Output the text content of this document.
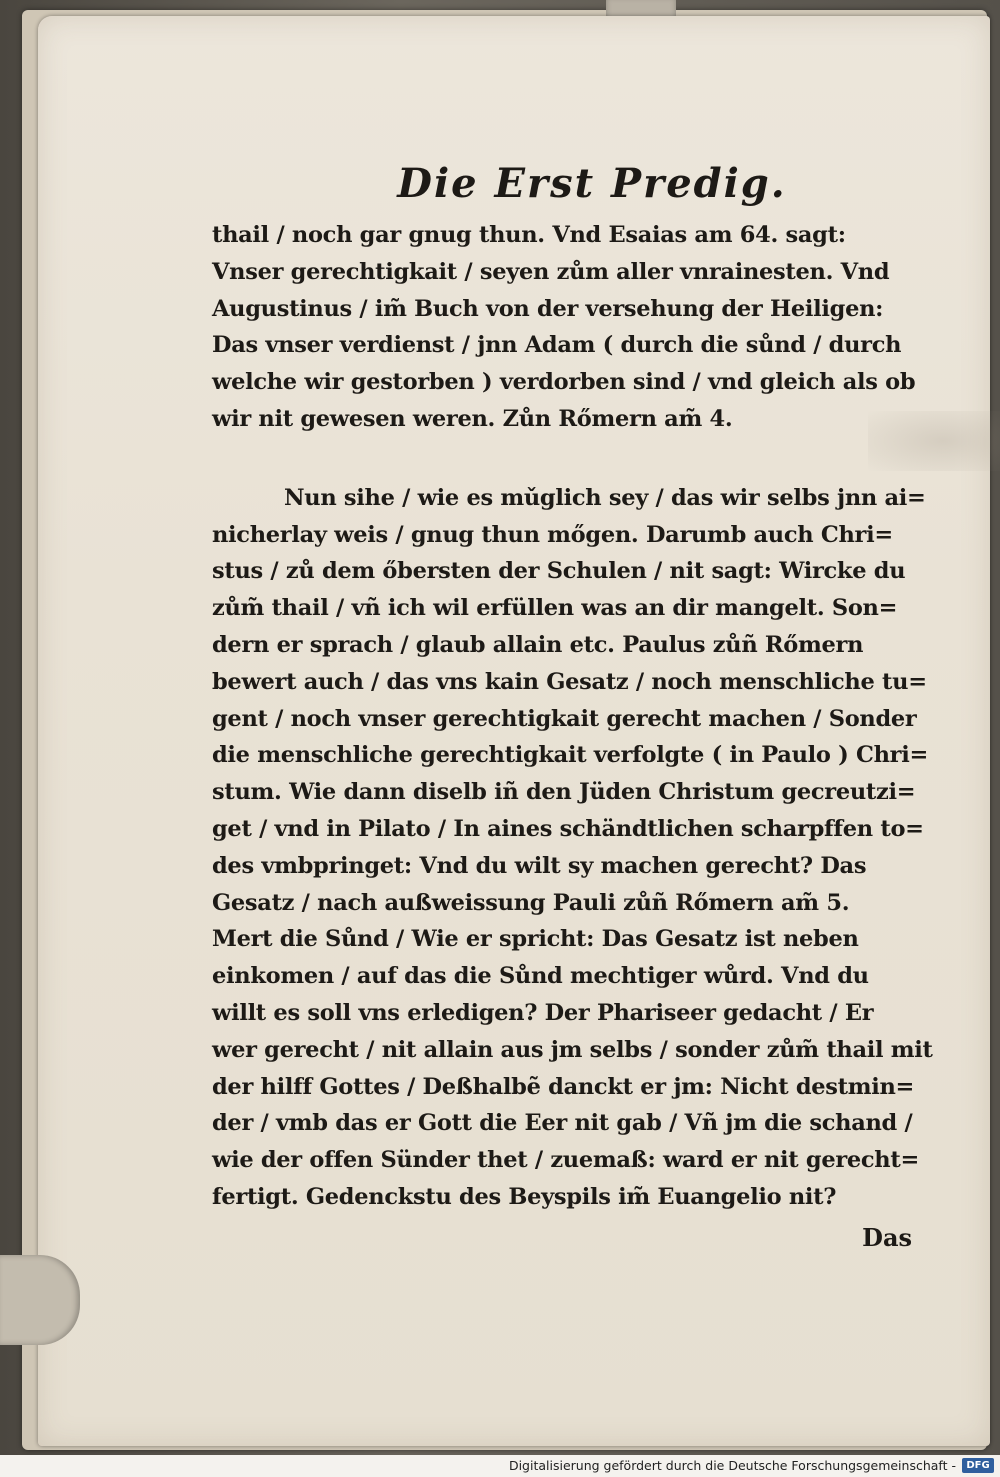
Die Erst Predig.
thail / noch gar gnug thun. Vnd Esaias am 64. sagt:
Vnser gerechtigkait / seyen zům aller vnrainesten. Vnd
Augustinus / im̃ Buch von der versehung der Heiligen:
Das vnser verdienst / jnn Adam ( durch die sůnd / durch
welche wir gestorben ) verdorben sind / vnd gleich als ob
wir nit gewesen weren. Zůn Rőmern am̃ 4.
Nun sihe / wie es mǔglich sey / das wir selbs jnn ai=
nicherlay weis / gnug thun mőgen. Darumb auch Chri=
stus / zů dem őbersten der Schulen / nit sagt: Wircke du
zům̃ thail / vñ ich wil erfüllen was an dir mangelt. Son=
dern er sprach / glaub allain etc. Paulus zůñ Rőmern
bewert auch / das vns kain Gesatz / noch menschliche tu=
gent / noch vnser gerechtigkait gerecht machen / Sonder
die menschliche gerechtigkait verfolgte ( in Paulo ) Chri=
stum. Wie dann diselb iñ den Jüden Christum gecreutzi=
get / vnd in Pilato / In aines schändtlichen scharpffen to=
des vmbpringet: Vnd du wilt sy machen gerecht? Das
Gesatz / nach außweissung Pauli zůñ Rőmern am̃ 5.
Mert die Sůnd / Wie er spricht: Das Gesatz ist neben
einkomen / auf das die Sůnd mechtiger wůrd. Vnd du
willt es soll vns erledigen? Der Phariseer gedacht / Er
wer gerecht / nit allain aus jm selbs / sonder zům̃ thail mit
der hilff Gottes / Deßhalbẽ danckt er jm: Nicht destmin=
der / vmb das er Gott die Eer nit gab / Vñ jm die schand /
wie der offen Sünder thet / zuemaß: ward er nit gerecht=
fertigt. Gedenckstu des Beyspils im̃ Euangelio nit?
Das
Digitalisierung gefördert durch die Deutsche Forschungsgemeinschaft -	DFG
